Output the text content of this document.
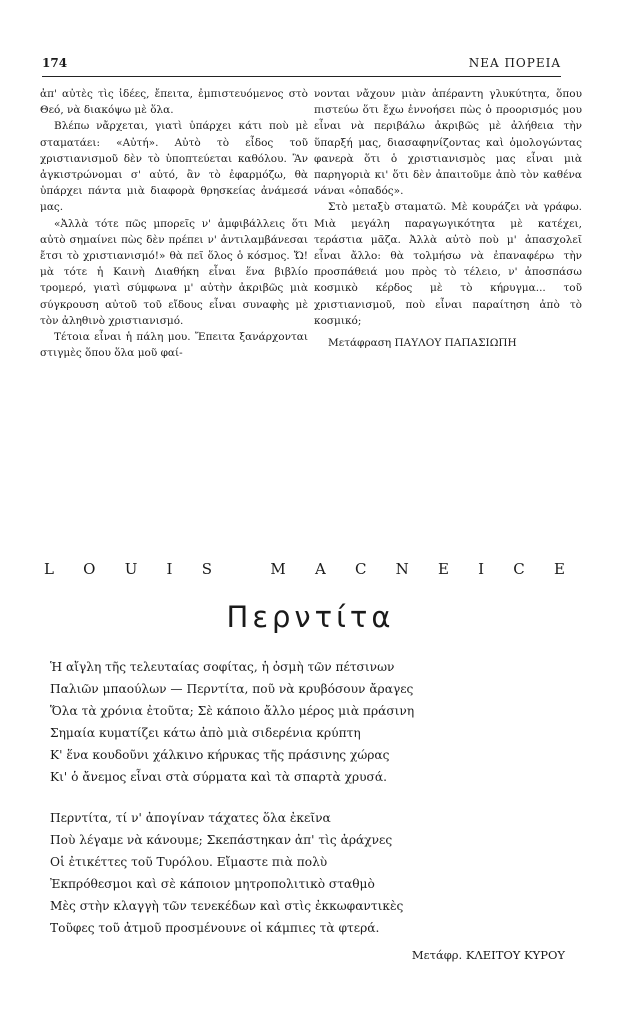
174	ΝΕΑ ΠΟΡΕΙΑ

ἀπ' αὐτὲς τὶς ἰδέες, ἔπειτα, ἐμπιστευόμενος στὸ Θεό, νὰ διακόψω μὲ ὅλα.

Βλέπω νἄρχεται, γιατὶ ὑπάρχει κάτι ποὺ μὲ σταματάει: «Αὐτή». Αὐτὸ τὸ εἶδος τοῦ χριστιανισμοῦ δὲν τὸ ὑποπτεύεται καθόλου. Ἂν ἀγκιστρώνομαι σ' αὐτό, ἂν τὸ ἐφαρμόζω, θὰ ὑπάρχει πάντα μιὰ διαφορὰ θρησκείας ἀνάμεσά μας.

«Ἀλλὰ τότε πῶς μπορεῖς ν' ἀμφιβάλλεις ὅτι αὐτὸ σημαίνει πὼς δὲν πρέπει ν' ἀντιλαμβάνεσαι ἔτσι τὸ χριστιανισμό!» θὰ πεῖ ὅλος ὁ κόσμος. Ὤ! μὰ τότε ἡ Καινὴ Διαθήκη εἶναι ἕνα βιβλίο τρομερό, γιατὶ σύμφωνα μ' αὐτὴν ἀκριβῶς μιὰ σύγκρουση αὐτοῦ τοῦ εἴδους εἶναι συναφὴς μὲ τὸν ἀληθινὸ χριστιανισμό.

Τέτοια εἶναι ἡ πάλη μου. Ἔπειτα ξανάρχονται στιγμὲς ὅπου ὅλα μοῦ φαί-

νονται νἄχουν μιὰν ἀπέραντη γλυκύτητα, ὅπου πιστεύω ὅτι ἔχω ἐννοήσει πὼς ὁ προορισμός μου εἶναι νὰ περιβάλω ἀκριβῶς μὲ ἀλήθεια τὴν ὕπαρξή μας, διασαφηνίζοντας καὶ ὁμολογώντας φανερὰ ὅτι ὁ χριστιανισμὸς μας εἶναι μιὰ παρηγοριὰ κι' ὅτι δὲν ἀπαιτοῦμε ἀπὸ τὸν καθένα νάναι «ὀπαδός».

Στὸ μεταξὺ σταματῶ. Μὲ κουράζει νὰ γράφω. Μιὰ μεγάλη παραγωγικότητα μὲ κατέχει, τεράστια μᾶζα. Ἀλλὰ αὐτὸ ποὺ μ' ἀπασχολεῖ εἶναι ἄλλο: θὰ τολμήσω νὰ ἐπαναφέρω τὴν προσπάθειά μου πρὸς τὸ τέλειο, ν' ἀποσπάσω κοσμικὸ κέρδος μὲ τὸ κήρυγμα... τοῦ χριστιανισμοῦ, ποὺ εἶναι παραίτηση ἀπὸ τὸ κοσμικό;

Μετάφραση ΠΑΥΛΟΥ ΠΑΠΑΣΙΩΠΗ
L O U I S	M A C N E I C E
Περντίτα
Ἡ αἴγλη τῆς τελευταίας σοφίτας, ἡ ὀσμὴ τῶν πέτσινων
Παλιῶν μπαούλων — Περντίτα, ποῦ νὰ κρυβόσουν ἄραγες
Ὅλα τὰ χρόνια ἐτοῦτα; Σὲ κάποιο ἄλλο μέρος μιὰ πράσινη
Σημαία κυματίζει κάτω ἀπὸ μιὰ σιδερένια κρύπτη
Κ' ἕνα κουδοῦνι χάλκινο κήρυκας τῆς πράσινης χώρας
Κι' ὁ ἄνεμος εἶναι στὰ σύρματα καὶ τὰ σπαρτὰ χρυσά.
Περντίτα, τί ν' ἀπογίναν τάχατες ὅλα ἐκεῖνα
Ποὺ λέγαμε νὰ κάνουμε; Σκεπάστηκαν ἀπ' τὶς ἀράχνες
Οἱ ἐτικέττες τοῦ Τυρόλου. Εἴμαστε πιὰ πολὺ
Ἐκπρόθεσμοι καὶ σὲ κάποιον μητροπολιτικὸ σταθμὸ
Μὲς στὴν κλαγγὴ τῶν τενεκέδων καὶ στὶς ἐκκωφαντικὲς
Τοῦφες τοῦ ἀτμοῦ προσμένουνε οἱ κάμπιες τὰ φτερά.
Μετάφρ. ΚΛΕΙΤΟΥ ΚΥΡΟΥ
